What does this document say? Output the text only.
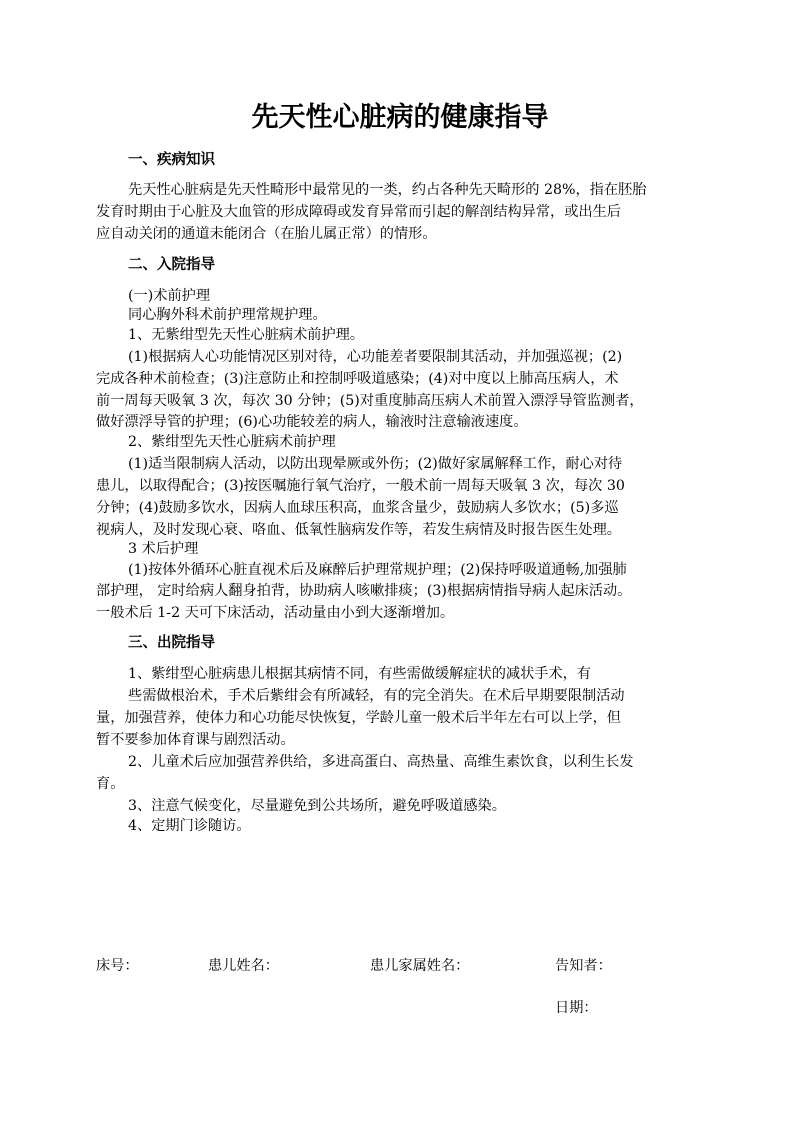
先天性心脏病的健康指导
一、疾病知识
先天性心脏病是先天性畸形中最常见的一类，约占各种先天畸形的 28%，指在胚胎
发育时期由于心脏及大血管的形成障碍或发育异常而引起的解剖结构异常，或出生后
应自动关闭的通道未能闭合（在胎儿属正常）的情形。
二、入院指导
(一)术前护理
同心胸外科术前护理常规护理。
1、无紫绀型先天性心脏病术前护理。
(1)根据病人心功能情况区别对待，心功能差者要限制其活动，并加强巡视；(2)
完成各种术前检查；(3)注意防止和控制呼吸道感染；(4)对中度以上肺高压病人，术
前一周每天吸氧 3 次，每次 30 分钟；(5)对重度肺高压病人术前置入漂浮导管监测者，
做好漂浮导管的护理；(6)心功能较差的病人，输液时注意输液速度。
2、紫绀型先天性心脏病术前护理
(1)适当限制病人活动，以防出现晕厥或外伤；(2)做好家属解释工作，耐心对待
患儿，以取得配合；(3)按医嘱施行氧气治疗，一般术前一周每天吸氧 3 次，每次 30
分钟；(4)鼓励多饮水，因病人血球压积高，血浆含量少，鼓励病人多饮水；(5)多巡
视病人，及时发现心衰、咯血、低氧性脑病发作等，若发生病情及时报告医生处理。
3 术后护理
(1)按体外循环心脏直视术后及麻醉后护理常规护理；(2)保持呼吸道通畅,加强肺
部护理， 定时给病人翻身拍背，协助病人咳嗽排痰；(3)根据病情指导病人起床活动。
一般术后 1-2 天可下床活动，活动量由小到大逐渐增加。
三、出院指导
1、紫绀型心脏病患儿根据其病情不同，有些需做缓解症状的减状手术，有
些需做根治术，手术后紫绀会有所减轻，有的完全消失。在术后早期要限制活动
量，加强营养，使体力和心功能尽快恢复，学龄儿童一般术后半年左右可以上学，但
暂不要参加体育课与剧烈活动。
2、儿童术后应加强营养供给，多进高蛋白、高热量、高维生素饮食，以利生长发
育。
3、注意气候变化，尽量避免到公共场所，避免呼吸道感染。
4、定期门诊随访。
床号：	患儿姓名：	患儿家属姓名：	告知者：
日期：
